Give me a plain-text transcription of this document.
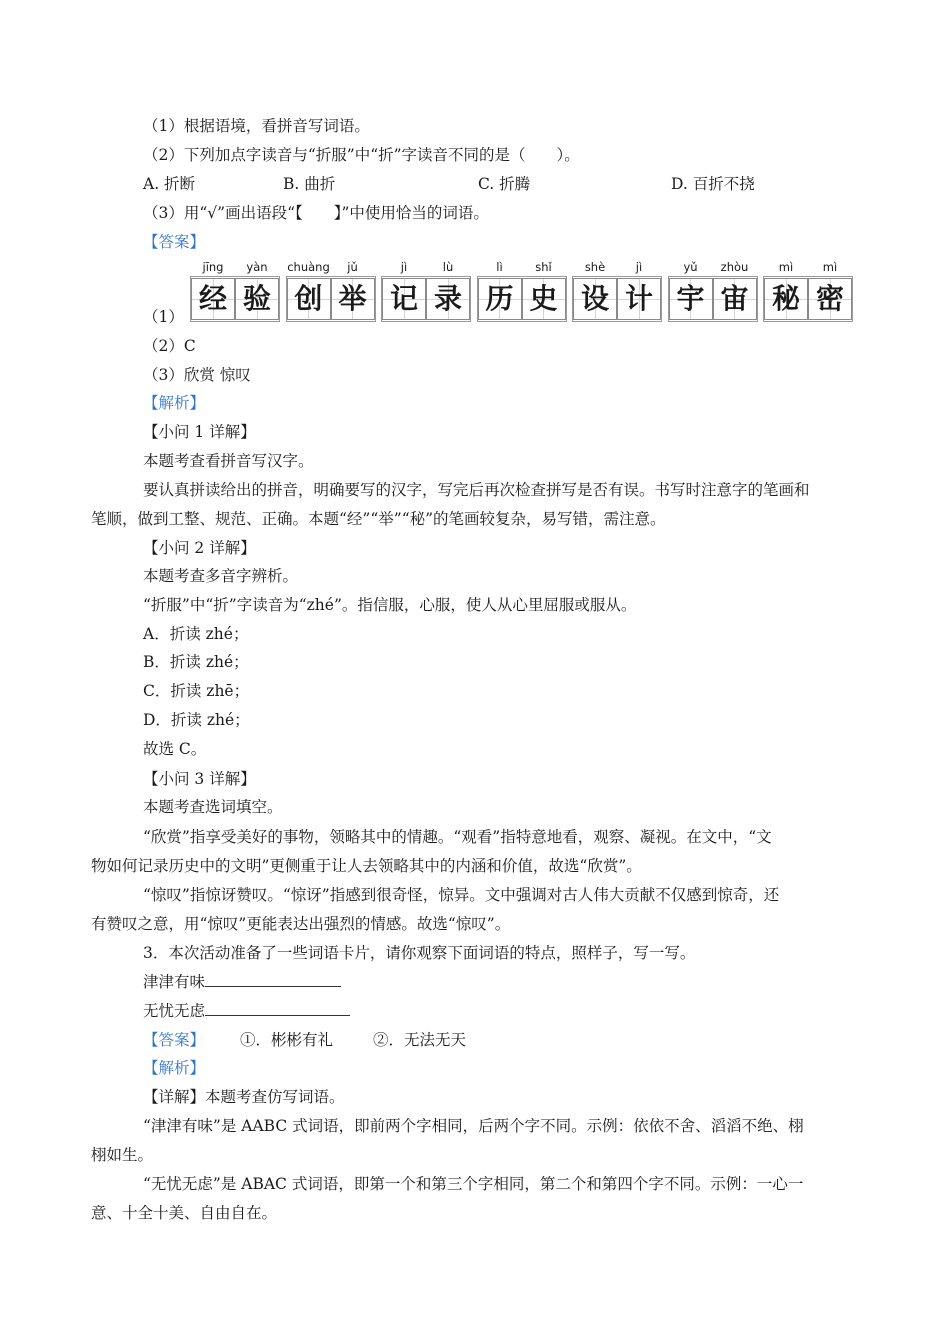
（1）根据语境，看拼音写词语。
（2）下列加点字读音与“折服”中“折”字读音不同的是（　　）。
A. 折断	B. 曲折	C. 折腾	D. 百折不挠
（3）用“√”画出语段“【　　】”中使用恰当的词语。
【答案】
（1）
jīng
经
yàn
验
chuàng
创
jǔ
举
jì
记
lù
录
lì
历
shǐ
史
shè
设
jì
计
yǔ
宇
zhòu
宙
mì
秘
mì
密
（2）C
（3）欣赏 惊叹
【解析】
【小问 1 详解】
本题考查看拼音写汉字。
要认真拼读给出的拼音，明确要写的汉字，写完后再次检查拼写是否有误。书写时注意字的笔画和
笔顺，做到工整、规范、正确。本题“经”“举”“秘”的笔画较复杂，易写错，需注意。
【小问 2 详解】
本题考查多音字辨析。
“折服”中“折”字读音为“zhé”。指信服，心服，使人从心里屈服或服从。
A．折读 zhé；
B．折读 zhé；
C．折读 zhē；
D．折读 zhé；
故选 C。
【小问 3 详解】
本题考查选词填空。
“欣赏”指享受美好的事物，领略其中的情趣。“观看”指特意地看，观察、凝视。在文中，“文
物如何记录历史中的文明”更侧重于让人去领略其中的内涵和价值，故选“欣赏”。
“惊叹”指惊讶赞叹。“惊讶”指感到很奇怪，惊异。文中强调对古人伟大贡献不仅感到惊奇，还
有赞叹之意，用“惊叹”更能表达出强烈的情感。故选“惊叹”。
3．本次活动准备了一些词语卡片，请你观察下面词语的特点，照样子，写一写。
津津有味
无忧无虑
【答案】 ①．彬彬有礼	②．无法无天
【解析】
【详解】本题考查仿写词语。
“津津有味”是 AABC 式词语，即前两个字相同，后两个字不同。示例：依依不舍、滔滔不绝、栩
栩如生。
“无忧无虑”是 ABAC 式词语，即第一个和第三个字相同，第二个和第四个字不同。示例：一心一
意、十全十美、自由自在。
